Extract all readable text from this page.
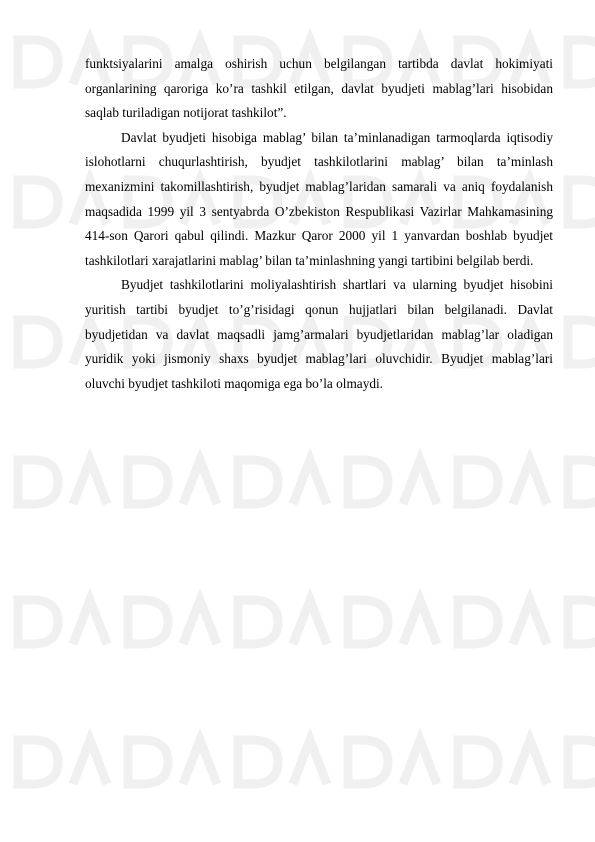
funktsiyalarini amalga oshirish uchun belgilangan tartibda davlat hokimiyati organlarining qaroriga ko’ra tashkil etilgan, davlat byudjeti mablag’lari hisobidan saqlab turiladigan notijorat tashkilot”.

Davlat byudjeti hisobiga mablag’ bilan ta’minlanadigan tarmoqlarda iqtisodiy islohotlarni chuqurlashtirish, byudjet tashkilotlarini mablag’ bilan ta’minlash mexanizmini takomillashtirish, byudjet mablag’laridan samarali va aniq foydalanish maqsadida 1999 yil 3 sentyabrda O’zbekiston Respublikasi Vazirlar Mahkamasining 414-son Qarori qabul qilindi. Mazkur Qaror 2000 yil 1 yanvardan boshlab byudjet tashkilotlari xarajatlarini mablag’ bilan ta’minlashning yangi tartibini belgilab berdi.

Byudjet tashkilotlarini moliyalashtirish shartlari va ularning byudjet hisobini yuritish tartibi byudjet to’g’risidagi qonun hujjatlari bilan belgilanadi. Davlat byudjetidan va davlat maqsadli jamg’armalari byudjetlaridan mablag’lar oladigan yuridik yoki jismoniy shaxs byudjet mablag’lari oluvchidir. Byudjet mablag’lari oluvchi byudjet tashkiloti maqomiga ega bo’la olmaydi.
